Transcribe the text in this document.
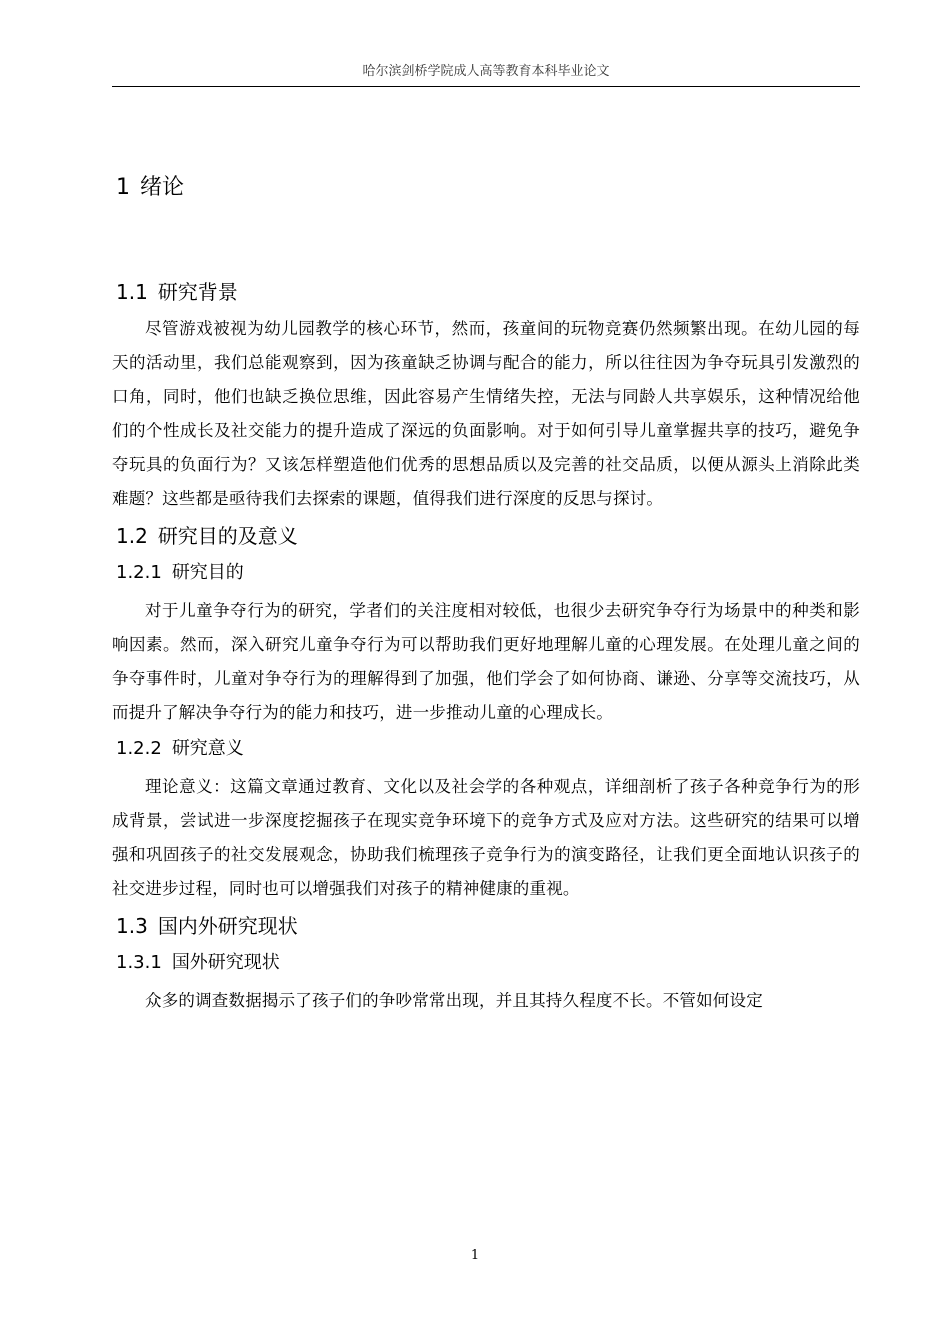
哈尔滨剑桥学院成人高等教育本科毕业论文
1 绪论
1.1 研究背景

尽管游戏被视为幼儿园教学的核心环节，然而，孩童间的玩物竞赛仍然频繁出现。在幼儿园的每天的活动里，我们总能观察到，因为孩童缺乏协调与配合的能力，所以往往因为争夺玩具引发激烈的口角，同时，他们也缺乏换位思维，因此容易产生情绪失控，无法与同龄人共享娱乐，这种情况给他们的个性成长及社交能力的提升造成了深远的负面影响。对于如何引导儿童掌握共享的技巧，避免争夺玩具的负面行为？又该怎样塑造他们优秀的思想品质以及完善的社交品质，以便从源头上消除此类难题？这些都是亟待我们去探索的课题，值得我们进行深度的反思与探讨。

1.2 研究目的及意义
1.2.1 研究目的

对于儿童争夺行为的研究，学者们的关注度相对较低，也很少去研究争夺行为场景中的种类和影响因素。然而，深入研究儿童争夺行为可以帮助我们更好地理解儿童的心理发展。在处理儿童之间的争夺事件时，儿童对争夺行为的理解得到了加强，他们学会了如何协商、谦逊、分享等交流技巧，从而提升了解决争夺行为的能力和技巧，进一步推动儿童的心理成长。

1.2.2 研究意义

理论意义：这篇文章通过教育、文化以及社会学的各种观点，详细剖析了孩子各种竞争行为的形成背景，尝试进一步深度挖掘孩子在现实竞争环境下的竞争方式及应对方法。这些研究的结果可以增强和巩固孩子的社交发展观念，协助我们梳理孩子竞争行为的演变路径，让我们更全面地认识孩子的社交进步过程，同时也可以增强我们对孩子的精神健康的重视。

1.3 国内外研究现状
1.3.1 国外研究现状

众多的调查数据揭示了孩子们的争吵常常出现，并且其持久程度不长。不管如何设定

1
